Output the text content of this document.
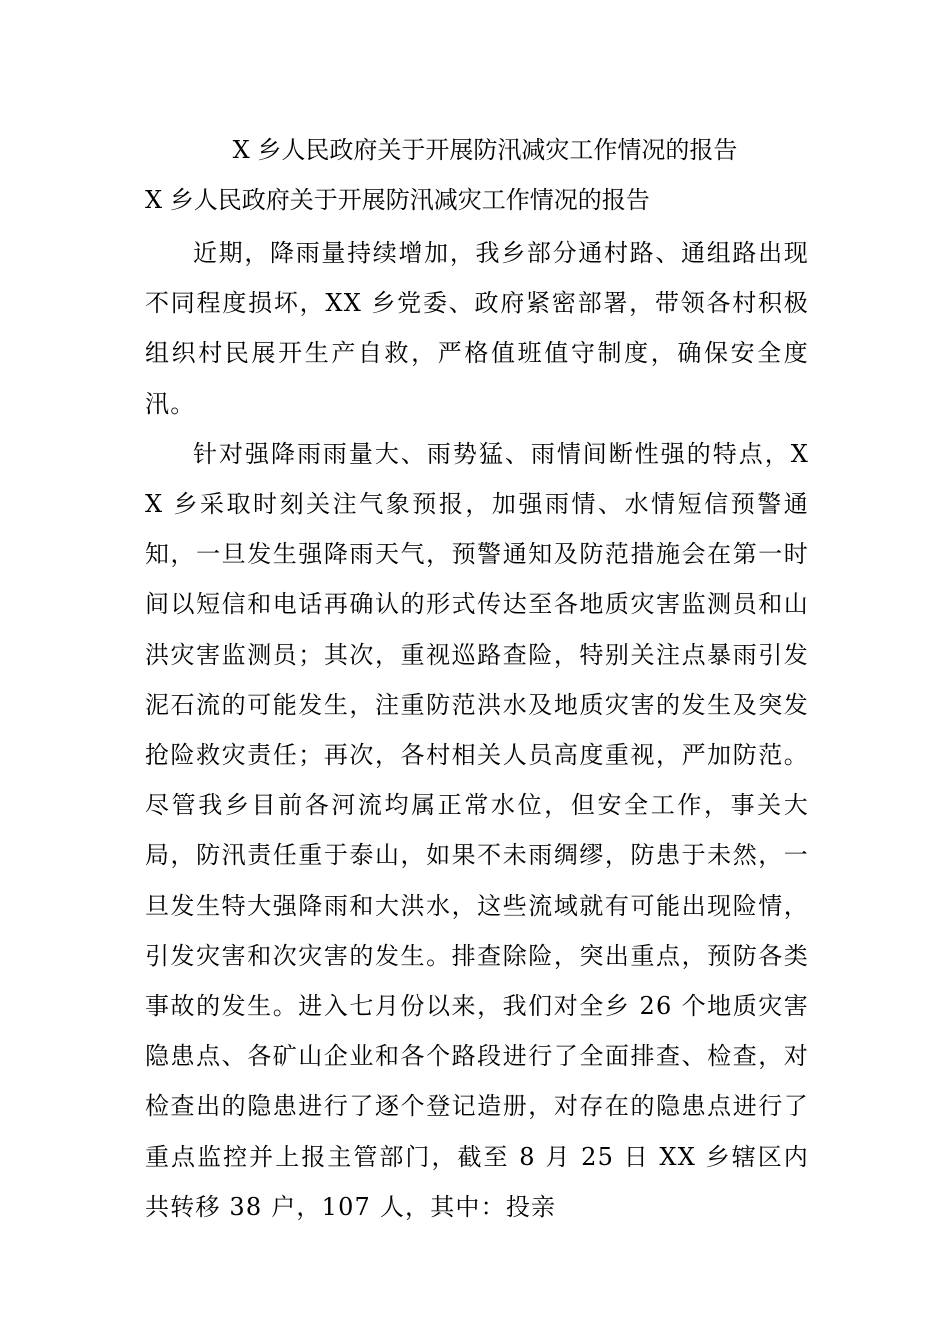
X 乡人民政府关于开展防汛减灾工作情况的报告
X 乡人民政府关于开展防汛减灾工作情况的报告

近期，降雨量持续增加，我乡部分通村路、通组路出现不同程度损坏，XX 乡党委、政府紧密部署，带领各村积极组织村民展开生产自救，严格值班值守制度，确保安全度汛。

针对强降雨雨量大、雨势猛、雨情间断性强的特点，XX 乡采取时刻关注气象预报，加强雨情、水情短信预警通知，一旦发生强降雨天气，预警通知及防范措施会在第一时间以短信和电话再确认的形式传达至各地质灾害监测员和山洪灾害监测员；其次，重视巡路查险，特别关注点暴雨引发泥石流的可能发生，注重防范洪水及地质灾害的发生及突发抢险救灾责任；再次，各村相关人员高度重视，严加防范。尽管我乡目前各河流均属正常水位，但安全工作，事关大局，防汛责任重于泰山，如果不未雨绸缪，防患于未然，一旦发生特大强降雨和大洪水，这些流域就有可能出现险情，引发灾害和次灾害的发生。排查除险，突出重点，预防各类事故的发生。进入七月份以来，我们对全乡 26 个地质灾害隐患点、各矿山企业和各个路段进行了全面排查、检查，对检查出的隐患进行了逐个登记造册，对存在的隐患点进行了重点监控并上报主管部门，截至 8 月 25 日 XX 乡辖区内共转移 38 户，107 人，其中：投亲
